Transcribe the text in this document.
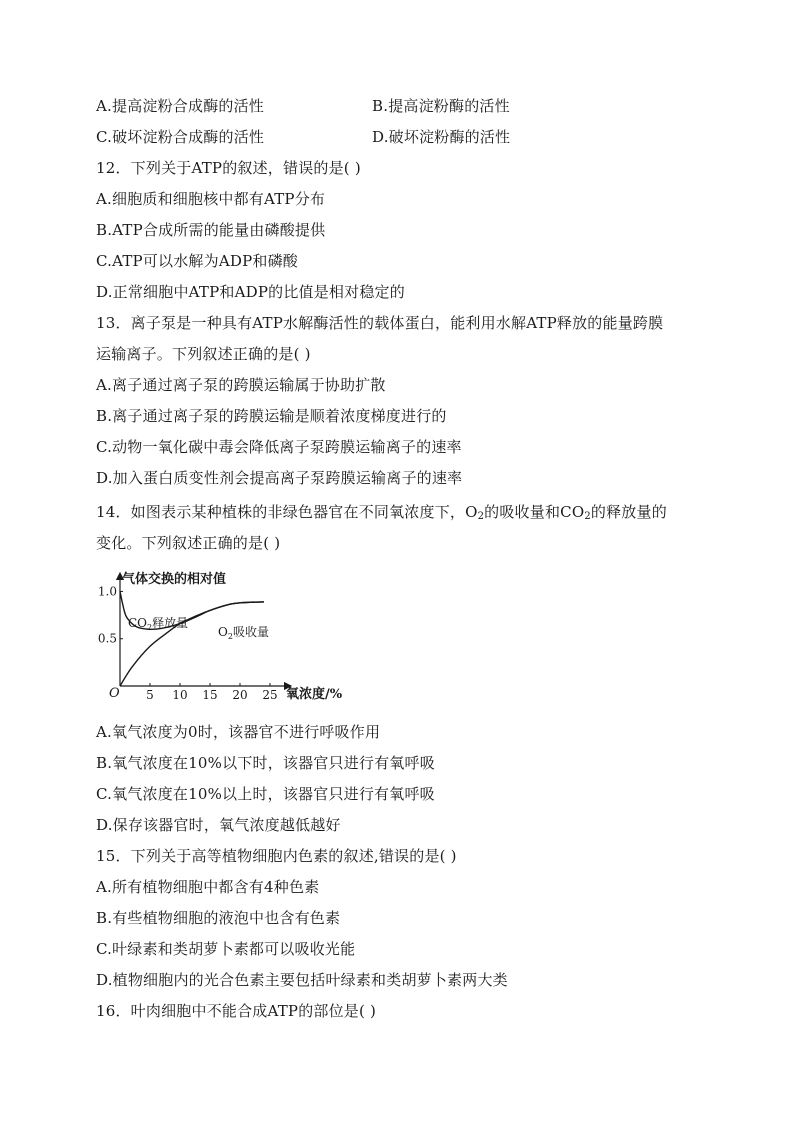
A.提高淀粉合成酶的活性	B.提高淀粉酶的活性
C.破坏淀粉合成酶的活性	D.破坏淀粉酶的活性
12．下列关于ATP的叙述，错误的是( )
A.细胞质和细胞核中都有ATP分布
B.ATP合成所需的能量由磷酸提供
C.ATP可以水解为ADP和磷酸
D.正常细胞中ATP和ADP的比值是相对稳定的
13．离子泵是一种具有ATP水解酶活性的载体蛋白，能利用水解ATP释放的能量跨膜
运输离子。下列叙述正确的是( )
A.离子通过离子泵的跨膜运输属于协助扩散
B.离子通过离子泵的跨膜运输是顺着浓度梯度进行的
C.动物一氧化碳中毒会降低离子泵跨膜运输离子的速率
D.加入蛋白质变性剂会提高离子泵跨膜运输离子的速率
14．如图表示某种植株的非绿色器官在不同氧浓度下，$O_2$的吸收量和$CO_2$的释放量的
变化。下列叙述正确的是( )
气体交换的相对值
氧浓度/%
O 5 10 15 20 25
0.5
1.0
$CO_2$释放量
$O_2$吸收量
A.氧气浓度为0时，该器官不进行呼吸作用
B.氧气浓度在10%以下时，该器官只进行有氧呼吸
C.氧气浓度在10%以上时，该器官只进行有氧呼吸
D.保存该器官时，氧气浓度越低越好
15．下列关于高等植物细胞内色素的叙述,错误的是( )
A.所有植物细胞中都含有4种色素
B.有些植物细胞的液泡中也含有色素
C.叶绿素和类胡萝卜素都可以吸收光能
D.植物细胞内的光合色素主要包括叶绿素和类胡萝卜素两大类
16．叶肉细胞中不能合成ATP的部位是( )
